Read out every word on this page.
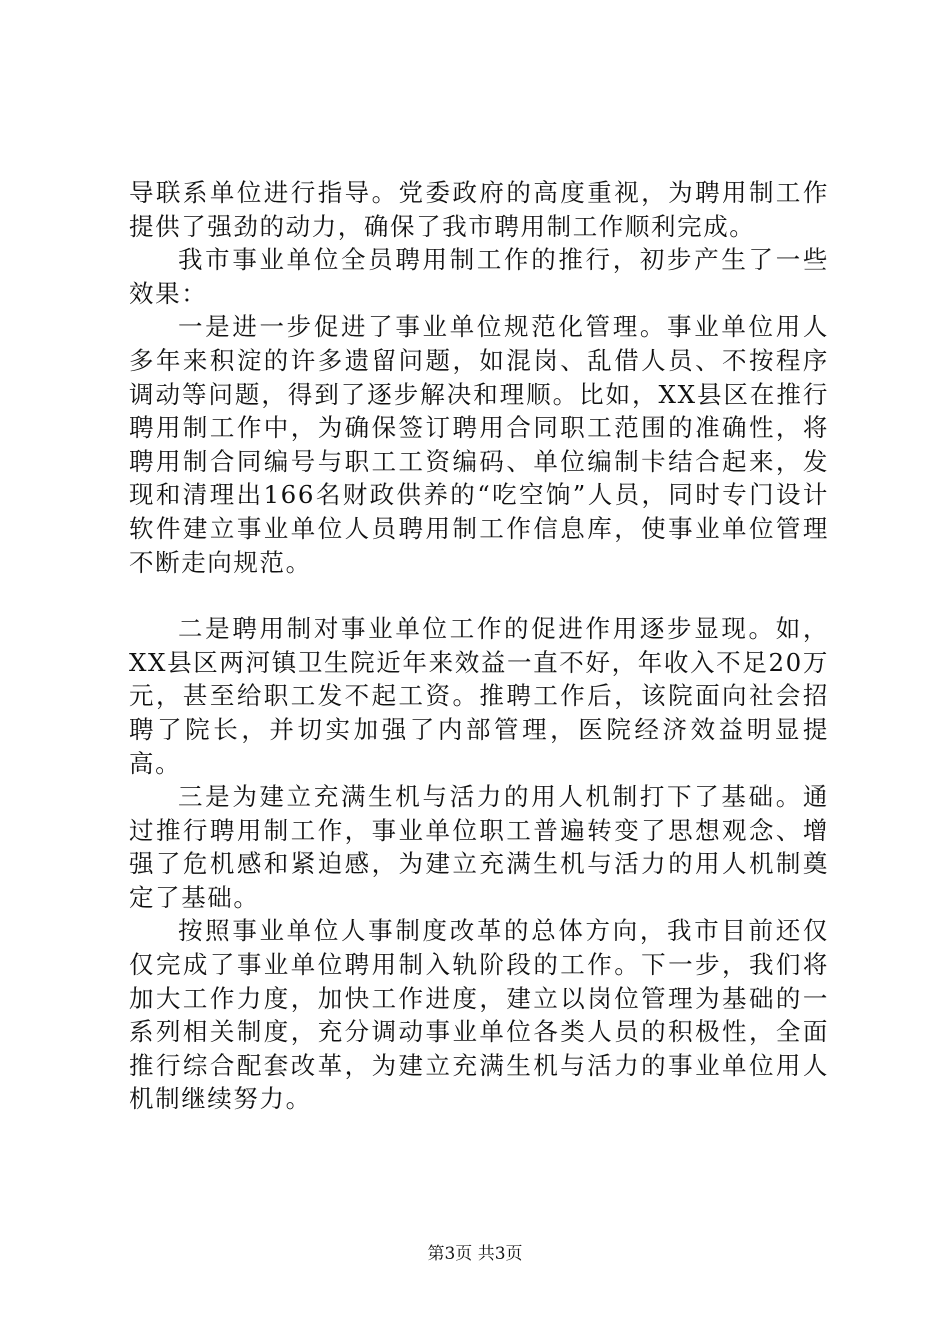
导联系单位进行指导。党委政府的高度重视，为聘用制工作提供了强劲的动力，确保了我市聘用制工作顺利完成。

我市事业单位全员聘用制工作的推行，初步产生了一些效果：

一是进一步促进了事业单位规范化管理。事业单位用人多年来积淀的许多遗留问题，如混岗、乱借人员、不按程序调动等问题，得到了逐步解决和理顺。比如，XX县区在推行聘用制工作中，为确保签订聘用合同职工范围的准确性，将聘用制合同编号与职工工资编码、单位编制卡结合起来，发现和清理出166名财政供养的“吃空饷”人员，同时专门设计软件建立事业单位人员聘用制工作信息库，使事业单位管理不断走向规范。

二是聘用制对事业单位工作的促进作用逐步显现。如，XX县区两河镇卫生院近年来效益一直不好，年收入不足20万元，甚至给职工发不起工资。推聘工作后，该院面向社会招聘了院长，并切实加强了内部管理，医院经济效益明显提高。

三是为建立充满生机与活力的用人机制打下了基础。通过推行聘用制工作，事业单位职工普遍转变了思想观念、增强了危机感和紧迫感，为建立充满生机与活力的用人机制奠定了基础。

按照事业单位人事制度改革的总体方向，我市目前还仅仅完成了事业单位聘用制入轨阶段的工作。下一步，我们将加大工作力度，加快工作进度，建立以岗位管理为基础的一系列相关制度，充分调动事业单位各类人员的积极性，全面推行综合配套改革，为建立充满生机与活力的事业单位用人机制继续努力。

第3页 共3页
